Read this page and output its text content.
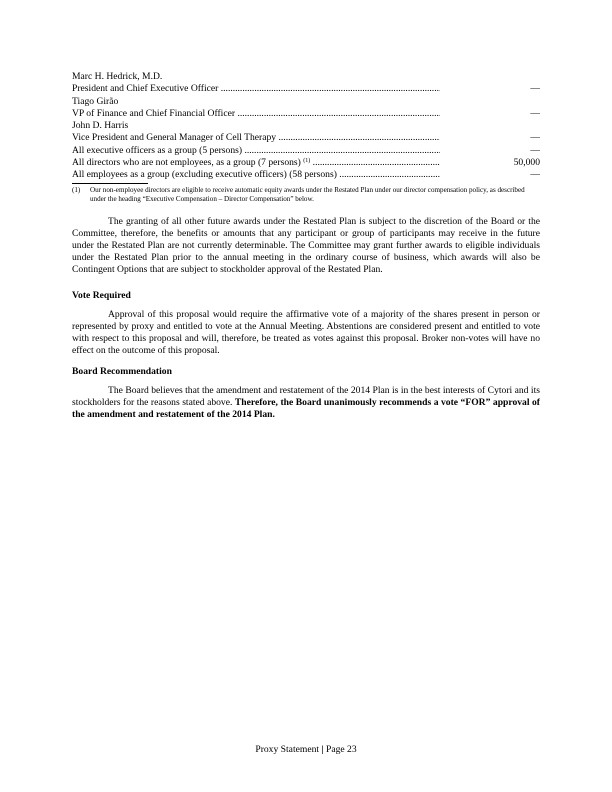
Marc H. Hedrick, M.D.
President and Chief Executive Officer .....	—
Tiago Girão
VP of Finance and Chief Financial Officer .....	—
John D. Harris
Vice President and General Manager of Cell Therapy .....	—
All executive officers as a group (5 persons) .....	—
All directors who are not employees, as a group (7 persons) $^{(1)}$ .....	50,000
All employees as a group (excluding executive officers) (58 persons) .....	—
(1) Our non-employee directors are eligible to receive automatic equity awards under the Restated Plan under our director compensation policy, as described under the heading “Executive Compensation – Director Compensation” below.
The granting of all other future awards under the Restated Plan is subject to the discretion of the Board or the Committee, therefore, the benefits or amounts that any participant or group of participants may receive in the future under the Restated Plan are not currently determinable. The Committee may grant further awards to eligible individuals under the Restated Plan prior to the annual meeting in the ordinary course of business, which awards will also be Contingent Options that are subject to stockholder approval of the Restated Plan.
Vote Required
Approval of this proposal would require the affirmative vote of a majority of the shares present in person or represented by proxy and entitled to vote at the Annual Meeting. Abstentions are considered present and entitled to vote with respect to this proposal and will, therefore, be treated as votes against this proposal. Broker non-votes will have no effect on the outcome of this proposal.
Board Recommendation
The Board believes that the amendment and restatement of the 2014 Plan is in the best interests of Cytori and its stockholders for the reasons stated above. Therefore, the Board unanimously recommends a vote “FOR” approval of the amendment and restatement of the 2014 Plan.
Proxy Statement | Page 23
